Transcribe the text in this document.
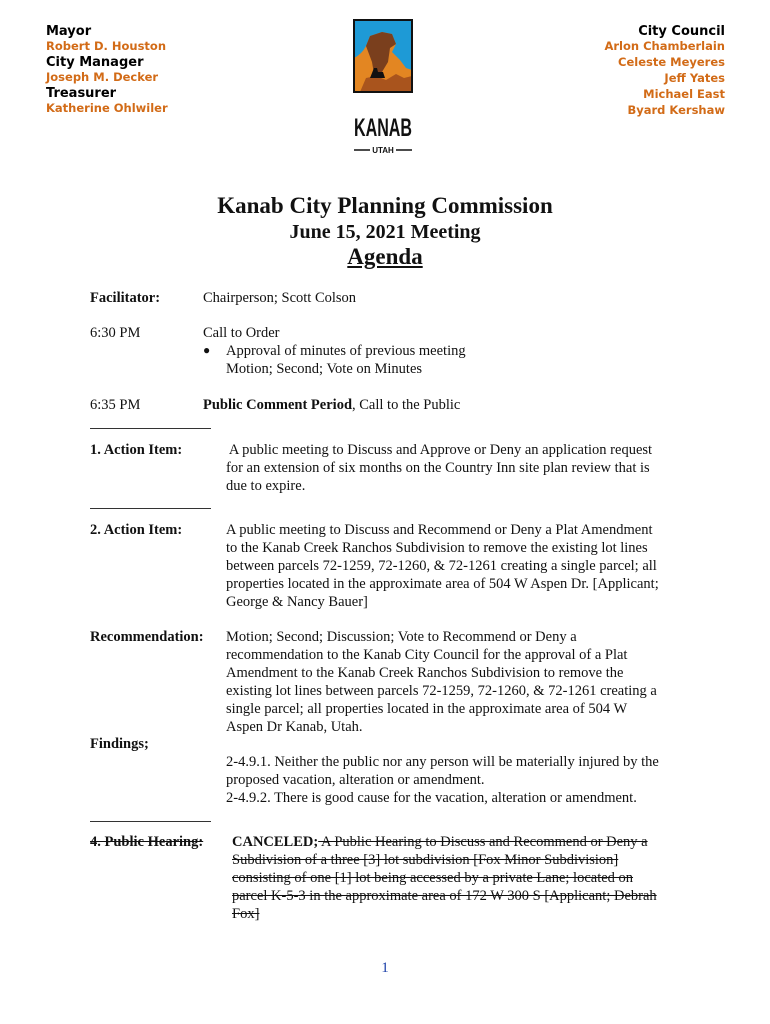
Mayor
Robert D. Houston
City Manager
Joseph M. Decker
Treasurer
Katherine Ohlwiler
KANAB
UTAH
City Council
Arlon Chamberlain
Celeste Meyeres
Jeff Yates
Michael East
Byard Kershaw
Kanab City Planning Commission
June 15, 2021 Meeting
Agenda
Facilitator:	Chairperson; Scott Colson
6:30 PM	Call to Order
● Approval of minutes of previous meeting
Motion; Second; Vote on Minutes
6:35 PM	Public Comment Period, Call to the Public
1. Action Item:	A public meeting to Discuss and Approve or Deny an application request
for an extension of six months on the Country Inn site plan review that is
due to expire.
2. Action Item:	A public meeting to Discuss and Recommend or Deny a Plat Amendment
to the Kanab Creek Ranchos Subdivision to remove the existing lot lines
between parcels 72-1259, 72-1260, & 72-1261 creating a single parcel; all
properties located in the approximate area of 504 W Aspen Dr. [Applicant;
George & Nancy Bauer]
Recommendation: Motion; Second; Discussion; Vote to Recommend or Deny a
recommendation to the Kanab City Council for the approval of a Plat
Amendment to the Kanab Creek Ranchos Subdivision to remove the
existing lot lines between parcels 72-1259, 72-1260, & 72-1261 creating a
single parcel; all properties located in the approximate area of 504 W
Aspen Dr Kanab, Utah.
Findings;
2-4.9.1. Neither the public nor any person will be materially injured by the
proposed vacation, alteration or amendment.
2-4.9.2. There is good cause for the vacation, alteration or amendment.
4. Public Hearing: CANCELED; A Public Hearing to Discuss and Recommend or Deny a
Subdivision of a three [3] lot subdivision [Fox Minor Subdivision]
consisting of one [1] lot being accessed by a private Lane; located on
parcel K-5-3 in the approximate area of 172 W 300 S [Applicant; Debrah
Fox]
1
